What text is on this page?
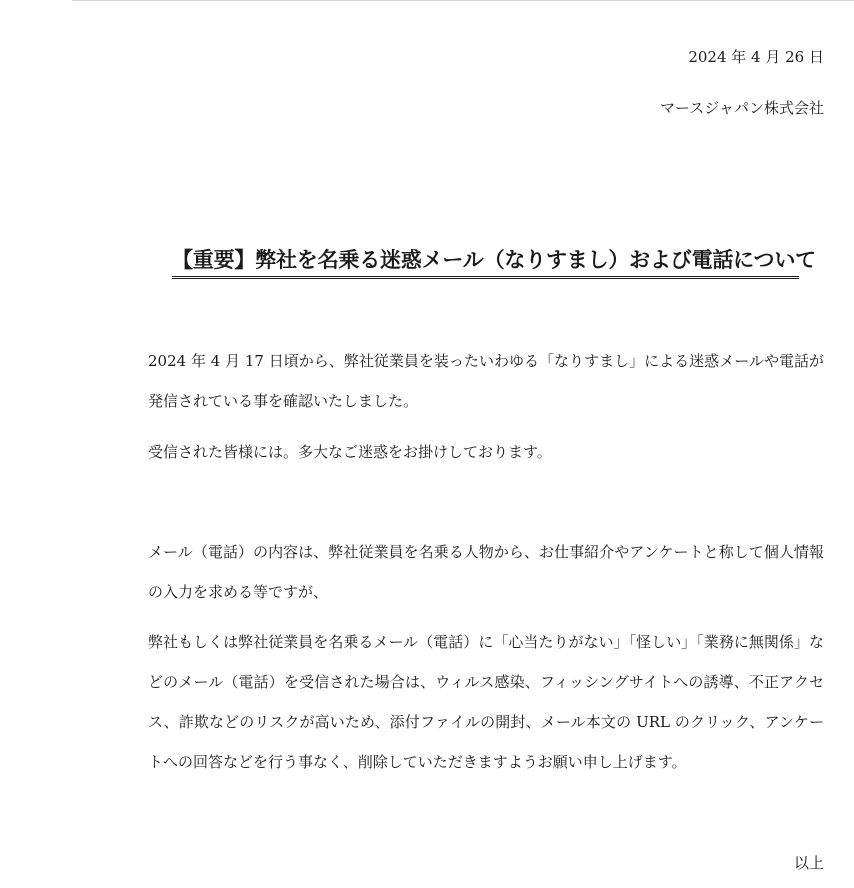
2024 年 4 月 26 日
マースジャパン株式会社
【重要】弊社を名乗る迷惑メール（なりすまし）および電話について
2024 年 4 月 17 日頃から、弊社従業員を装ったいわゆる「なりすまし」による迷惑メールや電話が発信されている事を確認いたしました。
受信された皆様には。多大なご迷惑をお掛けしております。
メール（電話）の内容は、弊社従業員を名乗る人物から、お仕事紹介やアンケートと称して個人情報の入力を求める等ですが、
弊社もしくは弊社従業員を名乗るメール（電話）に「心当たりがない」「怪しい」「業務に無関係」などのメール（電話）を受信された場合は、ウィルス感染、フィッシングサイトへの誘導、不正アクセス、詐欺などのリスクが高いため、添付ファイルの開封、メール本文の URL のクリック、アンケートへの回答などを行う事なく、削除していただきますようお願い申し上げます。
以上
